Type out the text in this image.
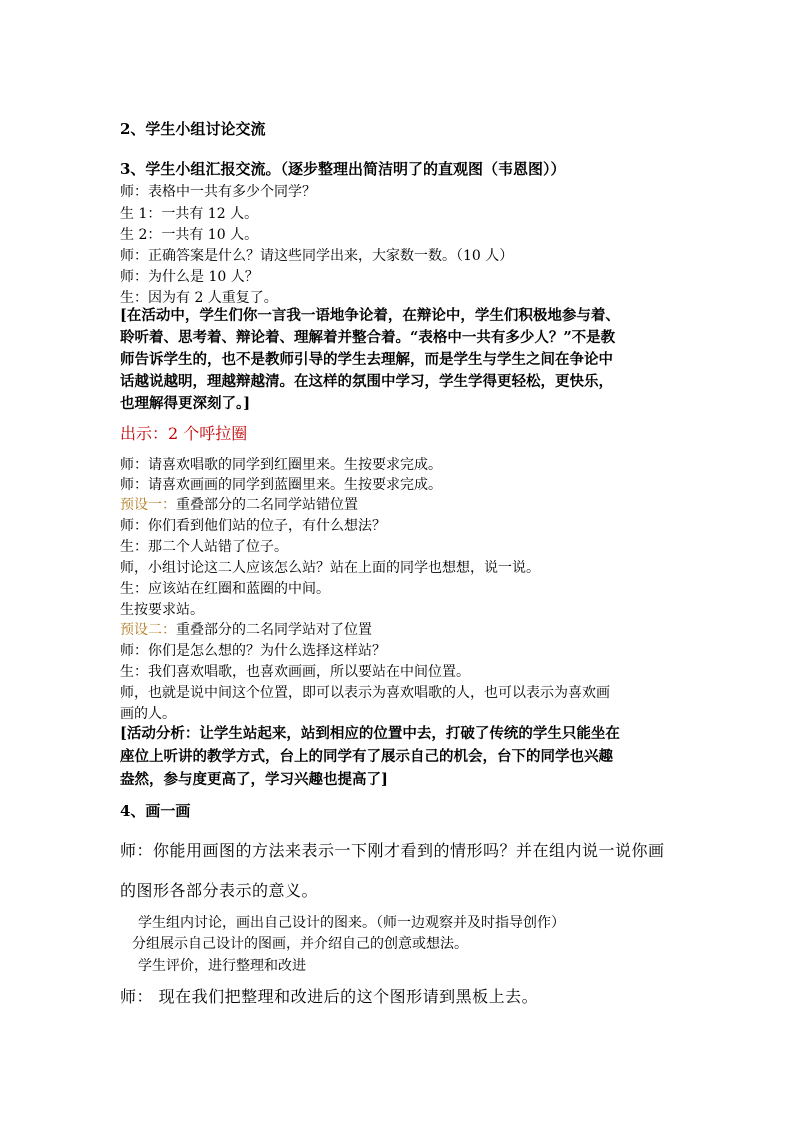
2、学生小组讨论交流
3、学生小组汇报交流。（逐步整理出简洁明了的直观图（韦恩图））
师：表格中一共有多少个同学？
生 1：一共有 12 人。
生 2：一共有 10 人。
师：正确答案是什么？请这些同学出来，大家数一数。（10 人）
师：为什么是 10 人？
生：因为有 2 人重复了。
[在活动中，学生们你一言我一语地争论着，在辩论中，学生们积极地参与着、
聆听着、思考着、辩论着、理解着并整合着。“表格中一共有多少人？”不是教
师告诉学生的，也不是教师引导的学生去理解，而是学生与学生之间在争论中
话越说越明，理越辩越清。在这样的氛围中学习，学生学得更轻松，更快乐，
也理解得更深刻了。]
出示：2 个呼拉圈
师：请喜欢唱歌的同学到红圈里来。生按要求完成。
师：请喜欢画画的同学到蓝圈里来。生按要求完成。
预设一：重叠部分的二名同学站错位置
师：你们看到他们站的位子，有什么想法？
生：那二个人站错了位子。
师，小组讨论这二人应该怎么站？站在上面的同学也想想，说一说。
生：应该站在红圈和蓝圈的中间。
生按要求站。
预设二：重叠部分的二名同学站对了位置
师：你们是怎么想的？为什么选择这样站？
生：我们喜欢唱歌，也喜欢画画，所以要站在中间位置。
师，也就是说中间这个位置，即可以表示为喜欢唱歌的人，也可以表示为喜欢画
画的人。
[活动分析：让学生站起来，站到相应的位置中去，打破了传统的学生只能坐在
座位上听讲的教学方式，台上的同学有了展示自己的机会，台下的同学也兴趣
盎然，参与度更高了，学习兴趣也提高了]
4、画一画
师：你能用画图的方法来表示一下刚才看到的情形吗？并在组内说一说你画
的图形各部分表示的意义。
学生组内讨论，画出自己设计的图来。（师一边观察并及时指导创作）
分组展示自己设计的图画，并介绍自己的创意或想法。
学生评价，进行整理和改进
师： 现在我们把整理和改进后的这个图形请到黑板上去。
